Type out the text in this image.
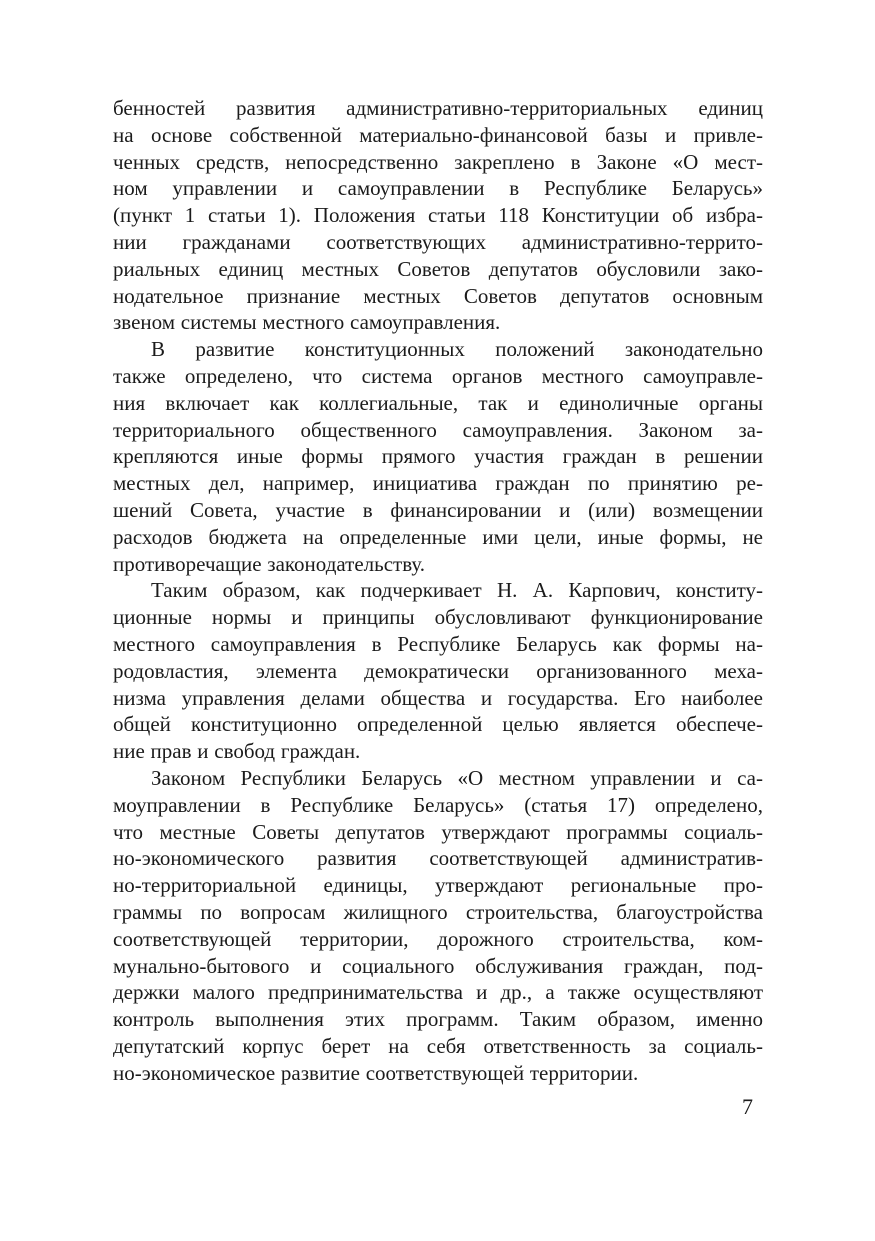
бенностей развития административно-территориальных единиц
на основе собственной материально-финансовой базы и привле-
ченных средств, непосредственно закреплено в Законе «О мест-
ном управлении и самоуправлении в Республике Беларусь»
(пункт 1 статьи 1). Положения статьи 118 Конституции об избра-
нии гражданами соответствующих административно-террито-
риальных единиц местных Советов депутатов обусловили зако-
нодательное признание местных Советов депутатов основным
звеном системы местного самоуправления.
В развитие конституционных положений законодательно
также определено, что система органов местного самоуправле-
ния включает как коллегиальные, так и единоличные органы
территориального общественного самоуправления. Законом за-
крепляются иные формы прямого участия граждан в решении
местных дел, например, инициатива граждан по принятию ре-
шений Совета, участие в финансировании и (или) возмещении
расходов бюджета на определенные ими цели, иные формы, не
противоречащие законодательству.
Таким образом, как подчеркивает Н. А. Карпович, конститу-
ционные нормы и принципы обусловливают функционирование
местного самоуправления в Республике Беларусь как формы на-
родовластия, элемента демократически организованного меха-
низма управления делами общества и государства. Его наиболее
общей конституционно определенной целью является обеспече-
ние прав и свобод граждан.
Законом Республики Беларусь «О местном управлении и са-
моуправлении в Республике Беларусь» (статья 17) определено,
что местные Советы депутатов утверждают программы социаль-
но-экономического развития соответствующей административ-
но-территориальной единицы, утверждают региональные про-
граммы по вопросам жилищного строительства, благоустройства
соответствующей территории, дорожного строительства, ком-
мунально-бытового и социального обслуживания граждан, под-
держки малого предпринимательства и др., а также осуществляют
контроль выполнения этих программ. Таким образом, именно
депутатский корпус берет на себя ответственность за социаль-
но-экономическое развитие соответствующей территории.
7
